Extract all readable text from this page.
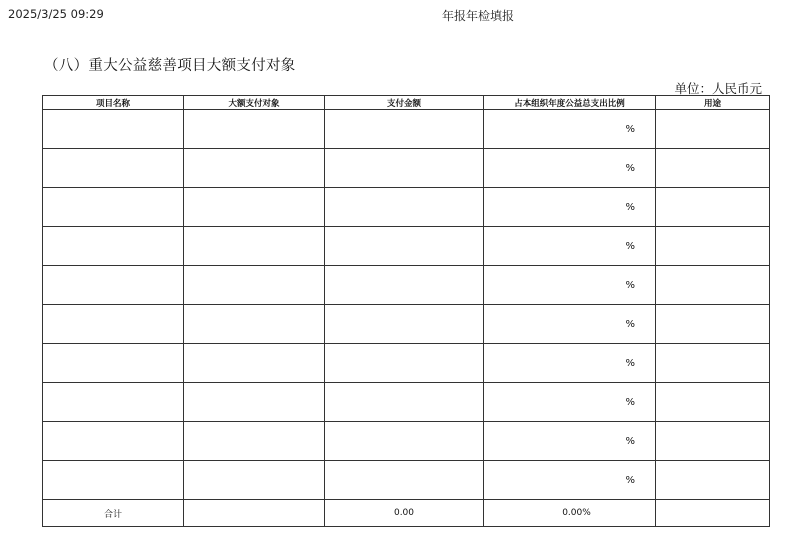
2025/3/25 09:29	年报年检填报
（八）重大公益慈善项目大额支付对象
单位：人民币元
项目名称	大额支付对象	支付金额	占本组织年度公益总支出比例	用途
			%	
			%	
			%	
			%	
			%	
			%	
			%	
			%	
			%	
			%	
合计		0.00	0.00%	
